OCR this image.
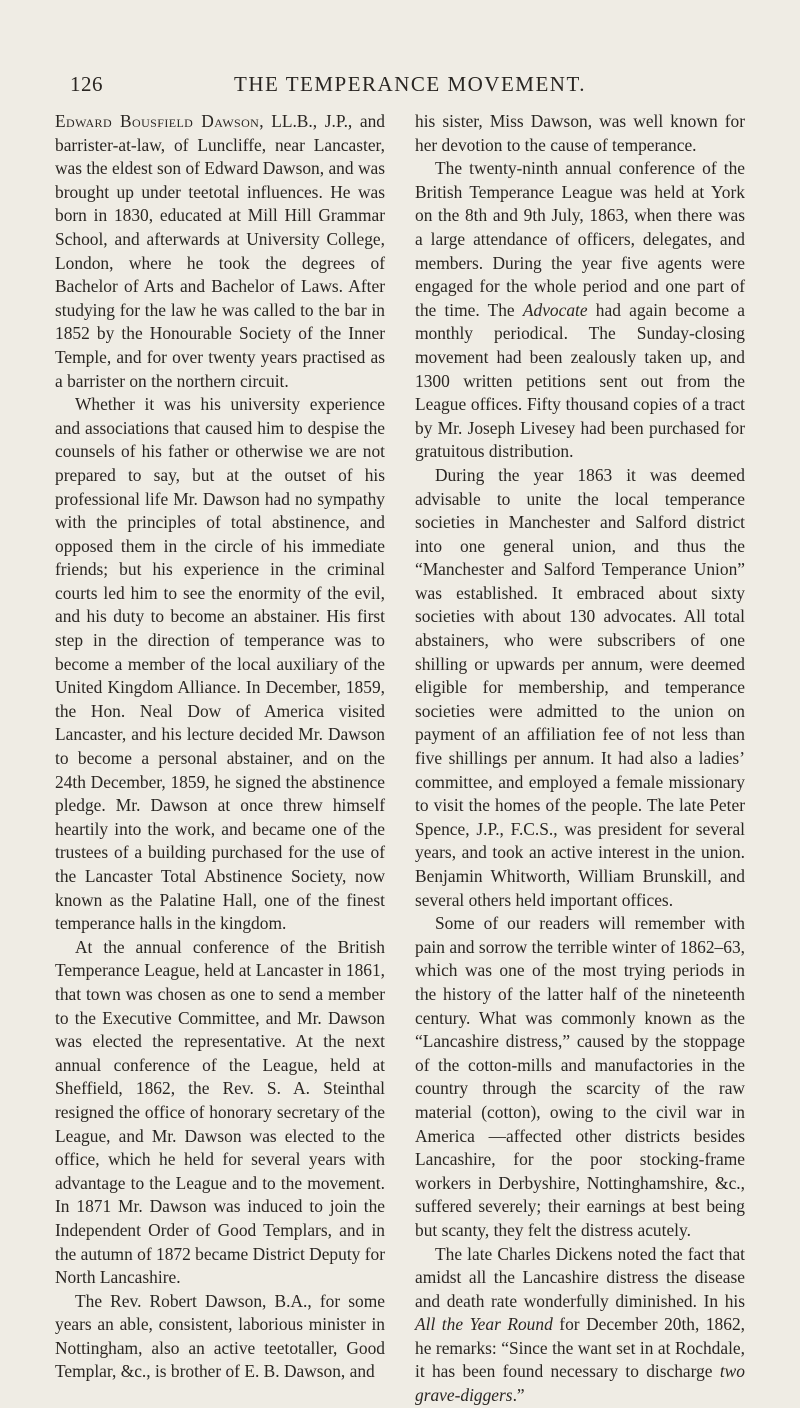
126	THE TEMPERANCE MOVEMENT.

Edward Bousfield Dawson, LL.B., J.P., and barrister-at-law, of Luncliffe, near Lancaster, was the eldest son of Edward Dawson, and was brought up under teetotal influences. He was born in 1830, educated at Mill Hill Grammar School, and afterwards at University College, London, where he took the degrees of Bachelor of Arts and Bachelor of Laws. After studying for the law he was called to the bar in 1852 by the Honourable Society of the Inner Temple, and for over twenty years practised as a barrister on the northern circuit.

Whether it was his university experience and associations that caused him to despise the counsels of his father or otherwise we are not prepared to say, but at the outset of his professional life Mr. Dawson had no sympathy with the principles of total abstinence, and opposed them in the circle of his immediate friends; but his experience in the criminal courts led him to see the enormity of the evil, and his duty to become an abstainer. His first step in the direction of temperance was to become a member of the local auxiliary of the United Kingdom Alliance. In December, 1859, the Hon. Neal Dow of America visited Lancaster, and his lecture decided Mr. Dawson to become a personal abstainer, and on the 24th December, 1859, he signed the abstinence pledge. Mr. Dawson at once threw himself heartily into the work, and became one of the trustees of a building purchased for the use of the Lancaster Total Abstinence Society, now known as the Palatine Hall, one of the finest temperance halls in the kingdom.

At the annual conference of the British Temperance League, held at Lancaster in 1861, that town was chosen as one to send a member to the Executive Committee, and Mr. Dawson was elected the representative. At the next annual conference of the League, held at Sheffield, 1862, the Rev. S. A. Steinthal resigned the office of honorary secretary of the League, and Mr. Dawson was elected to the office, which he held for several years with advantage to the League and to the movement. In 1871 Mr. Dawson was induced to join the Independent Order of Good Templars, and in the autumn of 1872 became District Deputy for North Lancashire.

The Rev. Robert Dawson, B.A., for some years an able, consistent, laborious minister in Nottingham, also an active teetotaller, Good Templar, &c., is brother of E. B. Dawson, and

his sister, Miss Dawson, was well known for her devotion to the cause of temperance.

The twenty-ninth annual conference of the British Temperance League was held at York on the 8th and 9th July, 1863, when there was a large attendance of officers, delegates, and members. During the year five agents were engaged for the whole period and one part of the time. The Advocate had again become a monthly periodical. The Sunday-closing movement had been zealously taken up, and 1300 written petitions sent out from the League offices. Fifty thousand copies of a tract by Mr. Joseph Livesey had been purchased for gratuitous distribution.

During the year 1863 it was deemed advisable to unite the local temperance societies in Manchester and Salford district into one general union, and thus the “Manchester and Salford Temperance Union” was established. It embraced about sixty societies with about 130 advocates. All total abstainers, who were subscribers of one shilling or upwards per annum, were deemed eligible for membership, and temperance societies were admitted to the union on payment of an affiliation fee of not less than five shillings per annum. It had also a ladies’ committee, and employed a female missionary to visit the homes of the people. The late Peter Spence, J.P., F.C.S., was president for several years, and took an active interest in the union. Benjamin Whitworth, William Brunskill, and several others held important offices.

Some of our readers will remember with pain and sorrow the terrible winter of 1862–63, which was one of the most trying periods in the history of the latter half of the nineteenth century. What was commonly known as the “Lancashire distress,” caused by the stoppage of the cotton-mills and manufactories in the country through the scarcity of the raw material (cotton), owing to the civil war in America —affected other districts besides Lancashire, for the poor stocking-frame workers in Derbyshire, Nottinghamshire, &c., suffered severely; their earnings at best being but scanty, they felt the distress acutely.

The late Charles Dickens noted the fact that amidst all the Lancashire distress the disease and death rate wonderfully diminished. In his All the Year Round for December 20th, 1862, he remarks: “Since the want set in at Rochdale, it has been found necessary to discharge two grave-diggers.”
